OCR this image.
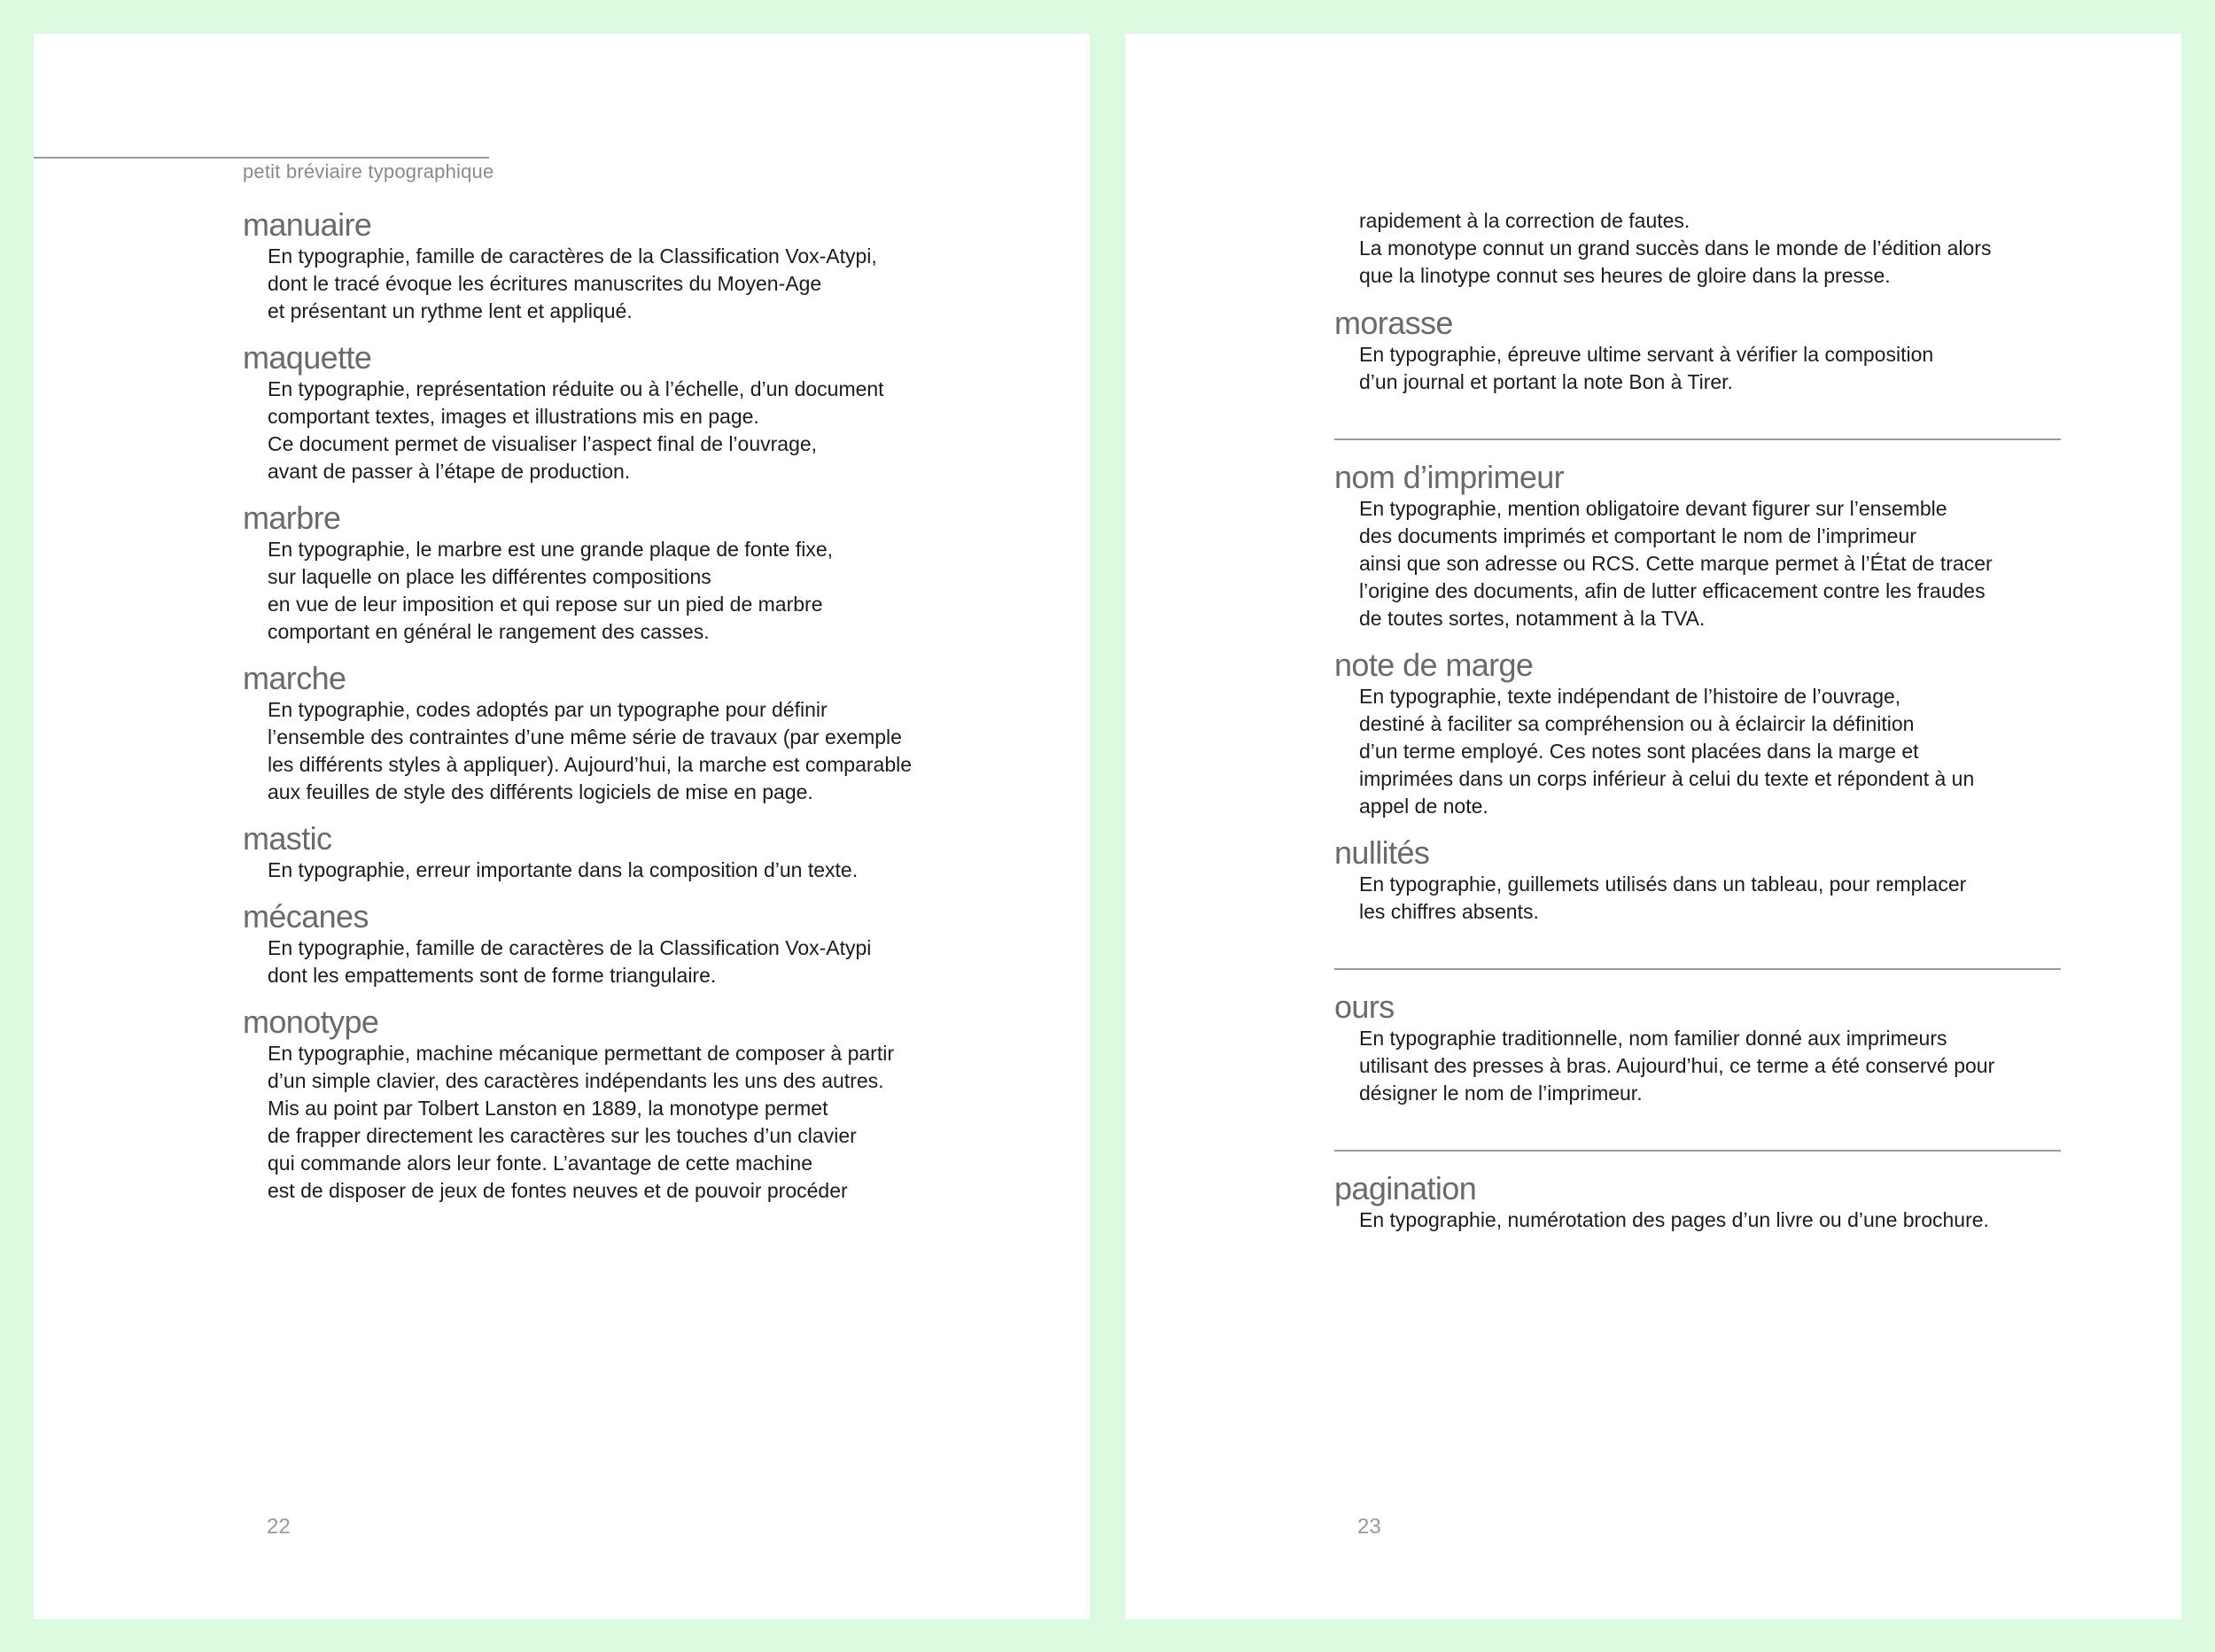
petit bréviaire typographique

manuaire

En typographie, famille de caractères de la Classification Vox-Atypi,
dont le tracé évoque les écritures manuscrites du Moyen-Age
et présentant un rythme lent et appliqué.

maquette

En typographie, représentation réduite ou à l’échelle, d’un document
comportant textes, images et illustrations mis en page.
Ce document permet de visualiser l’aspect final de l’ouvrage,
avant de passer à l’étape de production.

marbre

En typographie, le marbre est une grande plaque de fonte fixe,
sur laquelle on place les différentes compositions
en vue de leur imposition et qui repose sur un pied de marbre
comportant en général le rangement des casses.

marche

En typographie, codes adoptés par un typographe pour définir
l’ensemble des contraintes d’une même série de travaux (par exemple
les différents styles à appliquer). Aujourd’hui, la marche est comparable
aux feuilles de style des différents logiciels de mise en page.

mastic

En typographie, erreur importante dans la composition d’un texte.

mécanes

En typographie, famille de caractères de la Classification Vox-Atypi
dont les empattements sont de forme triangulaire.

monotype

En typographie, machine mécanique permettant de composer à partir
d’un simple clavier, des caractères indépendants les uns des autres.
Mis au point par Tolbert Lanston en 1889, la monotype permet
de frapper directement les caractères sur les touches d’un clavier
qui commande alors leur fonte. L’avantage de cette machine
est de disposer de jeux de fontes neuves et de pouvoir procéder

22

rapidement à la correction de fautes.
La monotype connut un grand succès dans le monde de l’édition alors
que la linotype connut ses heures de gloire dans la presse.

morasse

En typographie, épreuve ultime servant à vérifier la composition
d’un journal et portant la note Bon à Tirer.

nom d’imprimeur

En typographie, mention obligatoire devant figurer sur l’ensemble
des documents imprimés et comportant le nom de l’imprimeur
ainsi que son adresse ou RCS. Cette marque permet à l’État de tracer
l’origine des documents, afin de lutter efficacement contre les fraudes
de toutes sortes, notamment à la TVA.

note de marge

En typographie, texte indépendant de l’histoire de l’ouvrage,
destiné à faciliter sa compréhension ou à éclaircir la définition
d’un terme employé. Ces notes sont placées dans la marge et
imprimées dans un corps inférieur à celui du texte et répondent à un
appel de note.

nullités

En typographie, guillemets utilisés dans un tableau, pour remplacer
les chiffres absents.

ours

En typographie traditionnelle, nom familier donné aux imprimeurs
utilisant des presses à bras. Aujourd’hui, ce terme a été conservé pour
désigner le nom de l’imprimeur.

pagination

En typographie, numérotation des pages d’un livre ou d’une brochure.

23
